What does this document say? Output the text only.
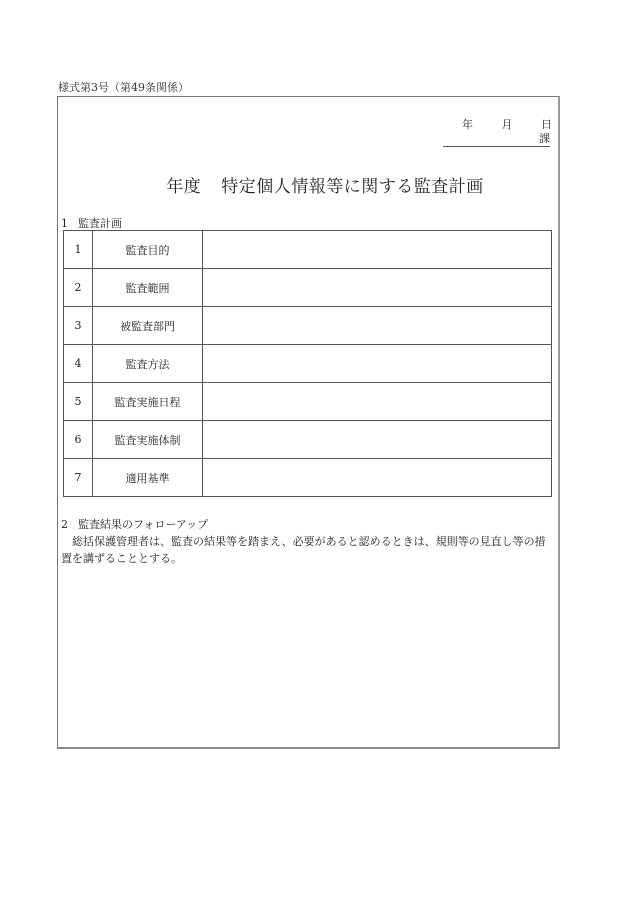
様式第3号（第49条関係）
年	月	日
課
年度 特定個人情報等に関する監査計画
1 監査計画
1	監査目的	
2	監査範囲	
3	被監査部門	
4	監査方法	
5	監査実施日程	
6	監査実施体制	
7	適用基準	
2 監査結果のフォローアップ

総括保護管理者は、監査の結果等を踏まえ、必要があると認めるときは、規則等の見直し等の措置を講ずることとする。
